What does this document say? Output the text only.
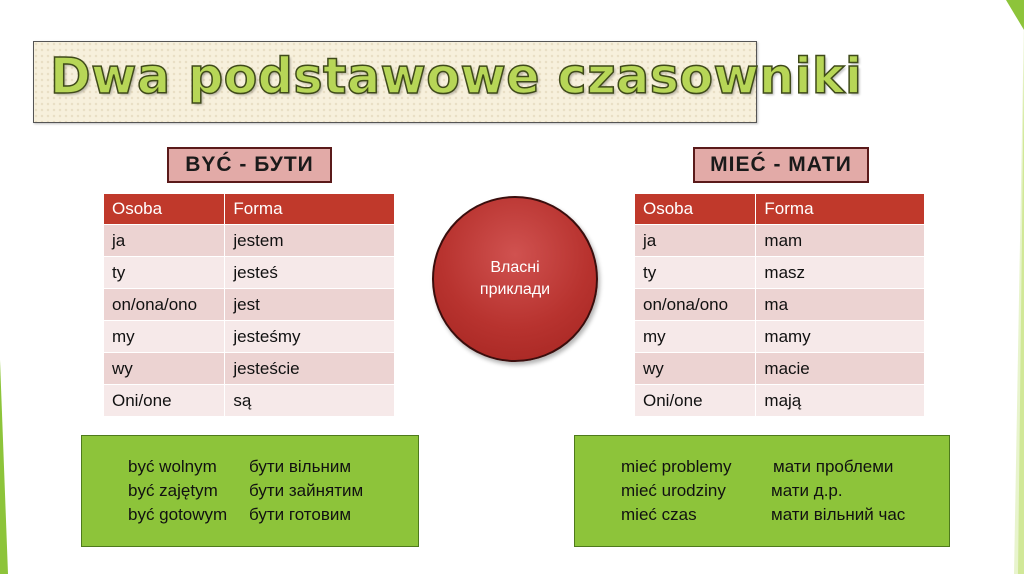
Dwa podstawowe czasowniki
BYĆ - БУТИ	MIEĆ - МАТИ
Osoba	Forma
ja	jestem
ty	jesteś
on/ona/ono	jest
my	jesteśmy
wy	jesteście
Oni/one	są
Osoba	Forma
ja	mam
ty	masz
on/ona/ono	ma
my	mamy
wy	macie
Oni/one	mają
Власні
приклади
być wolnym бути вільним
być zajętym бути зайнятим
być gotowym бути готовим
mieć problemy мати проблеми
mieć urodziny	мати д.р.
mieć czas	мати вільний час
